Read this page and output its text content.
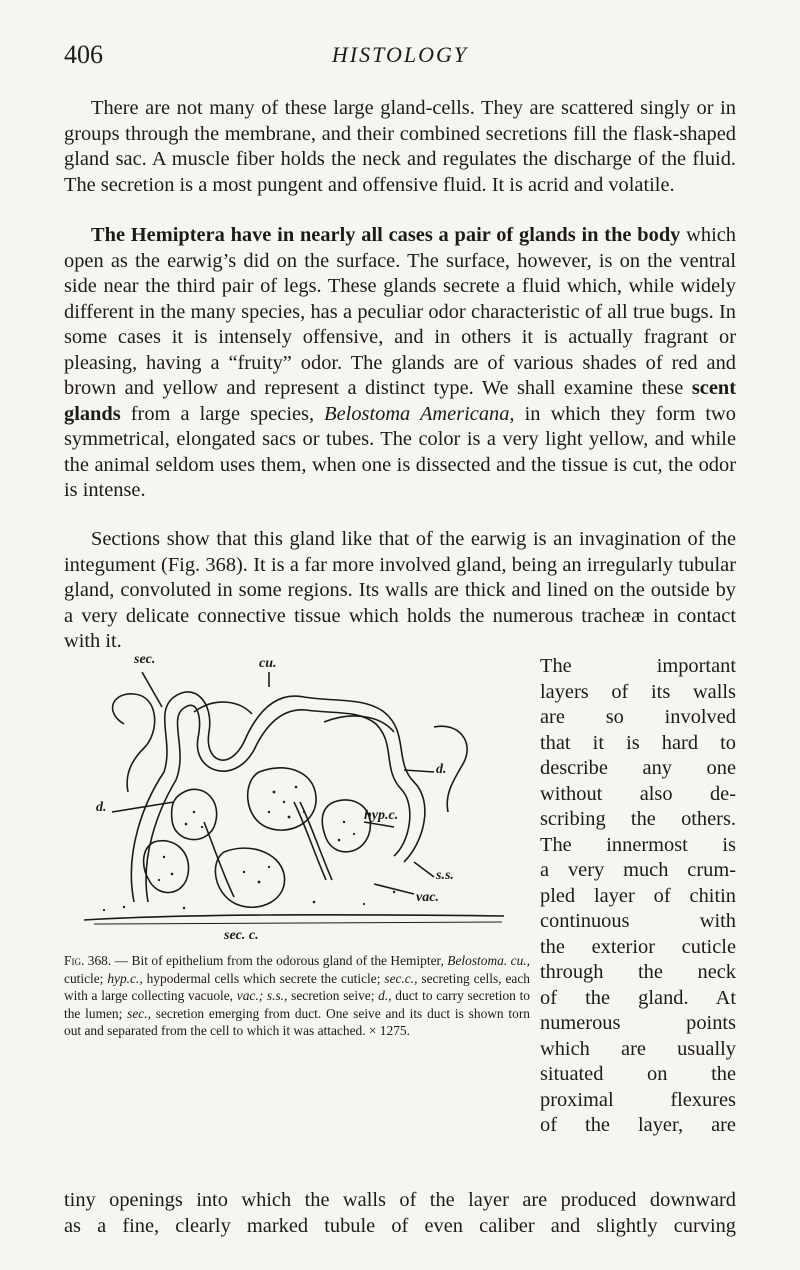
406	HISTOLOGY
There are not many of these large gland-cells. They are scattered singly or in groups through the membrane, and their combined secretions fill the flask-shaped gland sac. A muscle fiber holds the neck and regulates the discharge of the fluid. The secretion is a most pungent and offensive fluid. It is acrid and volatile.
The Hemiptera have in nearly all cases a pair of glands in the body which open as the earwig’s did on the surface. The surface, however, is on the ventral side near the third pair of legs. These glands secrete a fluid which, while widely different in the many species, has a peculiar odor characteristic of all true bugs. In some cases it is intensely offensive, and in others it is actually fragrant or pleasing, having a “fruity” odor. The glands are of various shades of red and brown and yellow and represent a distinct type. We shall examine these scent glands from a large species, Belostoma Americana, in which they form two symmetrical, elongated sacs or tubes. The color is a very light yellow, and while the animal seldom uses them, when one is dissected and the tissue is cut, the odor is intense.
Sections show that this gland like that of the earwig is an invagination of the integument (Fig. 368). It is a far more involved gland, being an irregularly tubular gland, convoluted in some regions. Its walls are thick and lined on the outside by a very delicate connective tissue which holds the numerous tracheæ in contact with it.
sec.	cu.
d.
d.
hyp.c.
s.s.
vac.
sec. c.
Fig. 368. — Bit of epithelium from the odorous gland of the Hemipter, Belostoma. cu., cuticle; hyp.c., hypodermal cells which secrete the cuticle; sec.c., secreting cells, each with a large collecting vacuole, vac.; s.s., secretion seive; d., duct to carry secretion to the lumen; sec., secretion emerging from duct. One seive and its duct is shown torn out and separated from the cell to which it was attached. × 1275.
The important
layers of its walls
are so involved
that it is hard to
describe any one
without also de-
scribing the others.
The innermost is
a very much crum-
pled layer of chitin
continuous with
the exterior cuticle
through the neck
of the gland. At
numerous points
which are usually
situated on the
proximal flexures
of the layer, are
tiny openings into which the walls of the layer are produced downward
as a fine, clearly marked tubule of even caliber and slightly curving
